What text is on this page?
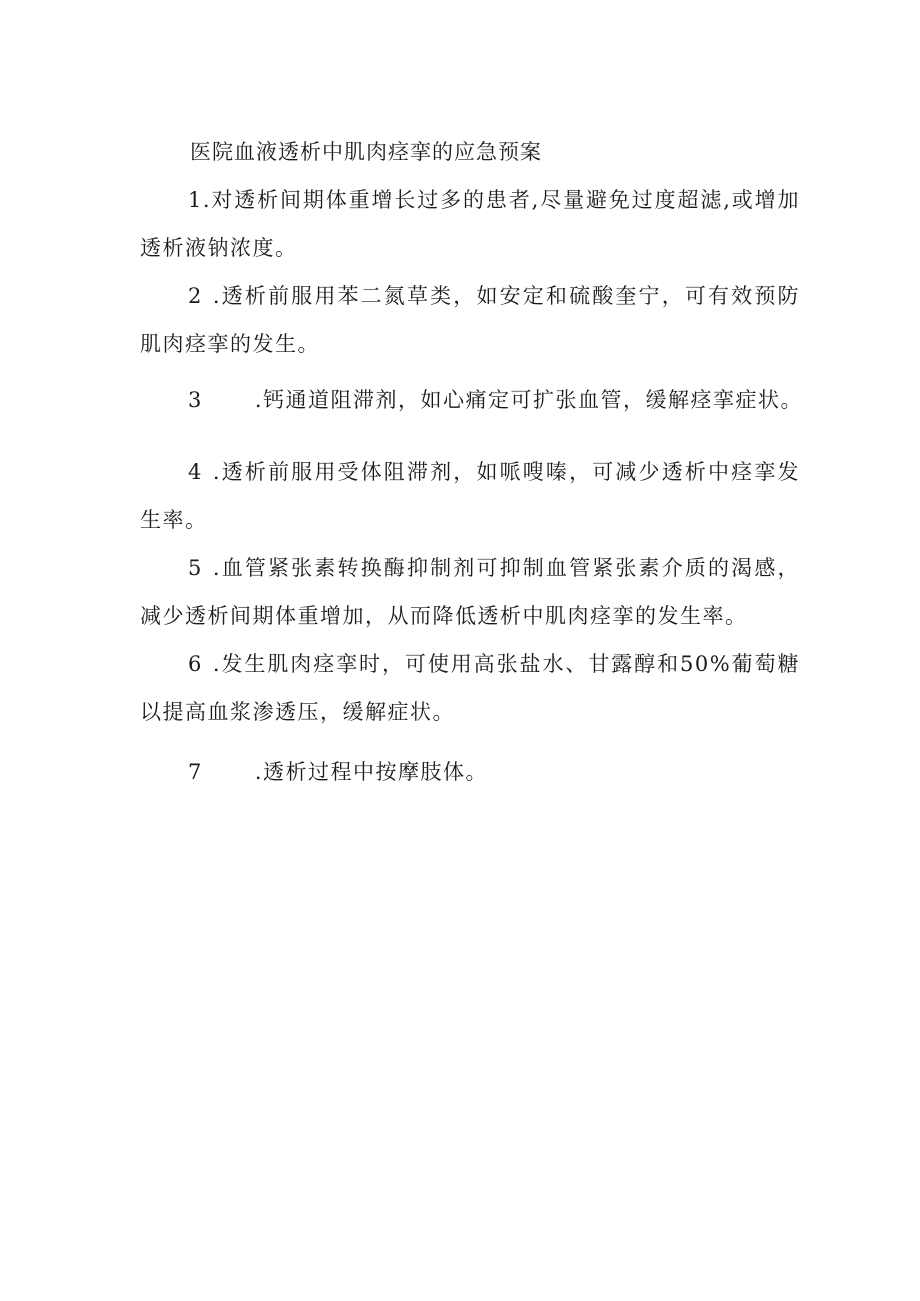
医院血液透析中肌肉痉挛的应急预案
1.对透析间期体重增长过多的患者,尽量避免过度超滤,或增加透析液钠浓度。
2 .透析前服用苯二氮草类，如安定和硫酸奎宁，可有效预防肌肉痉挛的发生。
3 .钙通道阻滞剂，如心痛定可扩张血管，缓解痉挛症状。
4 .透析前服用受体阻滞剂，如哌嗖嗪，可减少透析中痉挛发生率。
5 .血管紧张素转换酶抑制剂可抑制血管紧张素介质的渴感，减少透析间期体重增加，从而降低透析中肌肉痉挛的发生率。
6 .发生肌肉痉挛时，可使用高张盐水、甘露醇和50%葡萄糖以提高血浆渗透压，缓解症状。
7 .透析过程中按摩肢体。
